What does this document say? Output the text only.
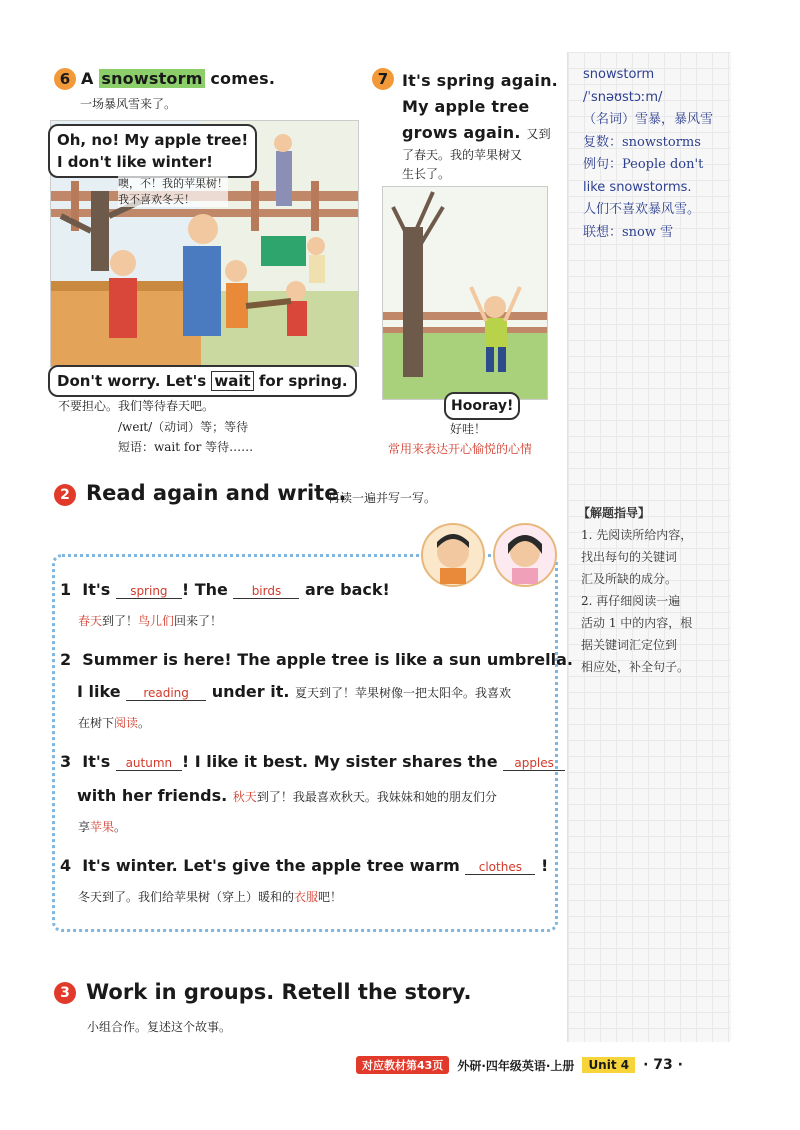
6 A snowstorm comes.
一场暴风雪来了。
Oh, no! My apple tree!
I don't like winter!
噢，不！我的苹果树！
我不喜欢冬天！
Don't worry. Let's wait for spring.
不要担心。我们等待春天吧。
/weɪt/（动词）等；等待
短语：wait for 等待……
7 It's spring again.
My apple tree
grows again. 又到
了春天。我的苹果树又
生长了。
Hooray!
好哇！
常用来表达开心愉悦的心情
snowstorm
/ˈsnəʊstɔːm/
（名词）雪暴，暴风雪
复数：snowstorms
例句：People don't
like snowstorms.
人们不喜欢暴风雪。
联想：snow 雪
【解题指导】
1. 先阅读所给内容，
找出每句的关键词
汇及所缺的成分。
2. 再仔细阅读一遍
活动 1 中的内容，根
据关键词汇定位到
相应处，补全句子。
2 Read again and write.
再读一遍并写一写。
1 It's spring ! The birds are back!
春天到了！鸟儿们回来了！
2 Summer is here! The apple tree is like a sun umbrella.
I like reading under it. 夏天到了！苹果树像一把太阳伞。我喜欢
在树下阅读。
3 It's autumn ! I like it best. My sister shares the apples
with her friends. 秋天到了！我最喜欢秋天。我妹妹和她的朋友们分
享苹果。
4 It's winter. Let's give the apple tree warm clothes !
冬天到了。我们给苹果树（穿上）暖和的衣服吧！
3 Work in groups. Retell the story.
小组合作。复述这个故事。
对应教材第43页	外研·四年级英语·上册	Unit 4	· 73 ·
